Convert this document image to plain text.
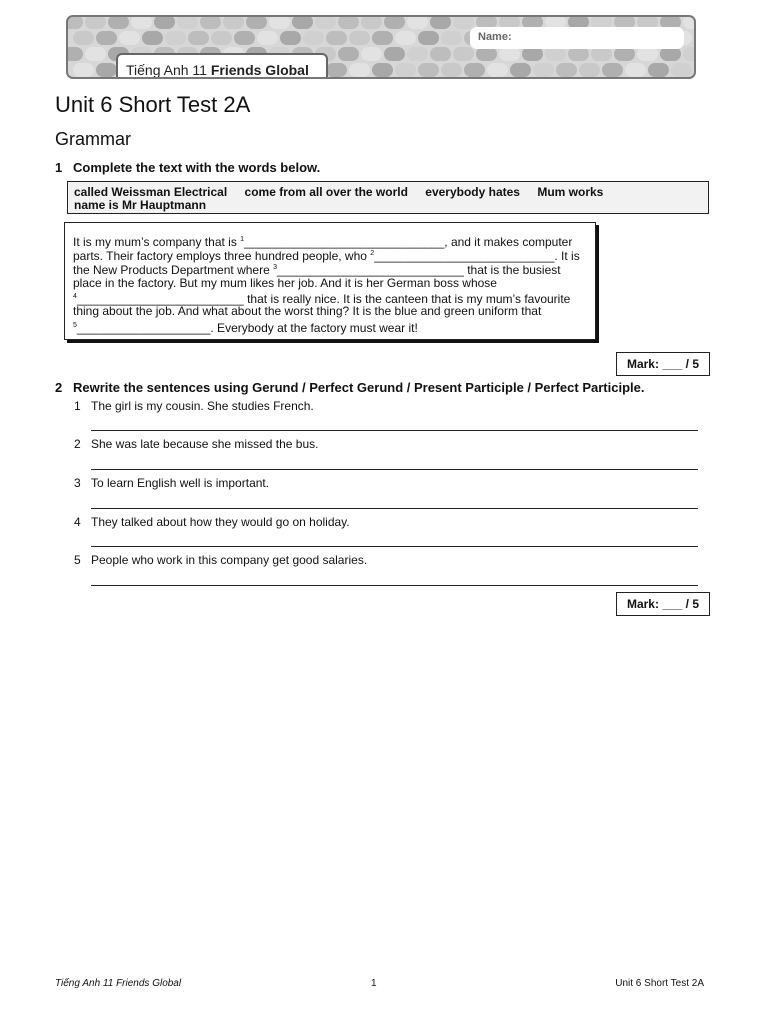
Name:
Tiếng Anh 11 Friends Global
Unit 6 Short Test 2A
Grammar
1 Complete the text with the words below.
called Weissman Electrical come from all over the world everybody hates Mum works
name is Mr Hauptmann
It is my mum’s company that is $^1$______________________________, and it makes computer
parts. Their factory employs three hundred people, who $^2$___________________________. It is
the New Products Department where $^3$____________________________ that is the busiest
place in the factory. But my mum likes her job. And it is her German boss whose
$^4$_________________________ that is really nice. It is the canteen that is my mum’s favourite
thing about the job. And what about the worst thing? It is the blue and green uniform that
$^5$____________________. Everybody at the factory must wear it!
Mark: ___ / 5
2 Rewrite the sentences using Gerund / Perfect Gerund / Present Participle / Perfect Participle.
1 The girl is my cousin. She studies French.
2 She was late because she missed the bus.
3 To learn English well is important.
4 They talked about how they would go on holiday.
5 People who work in this company get good salaries.
Mark: ___ / 5
Tiếng Anh 11 Friends Global	1	Unit 6 Short Test 2A
